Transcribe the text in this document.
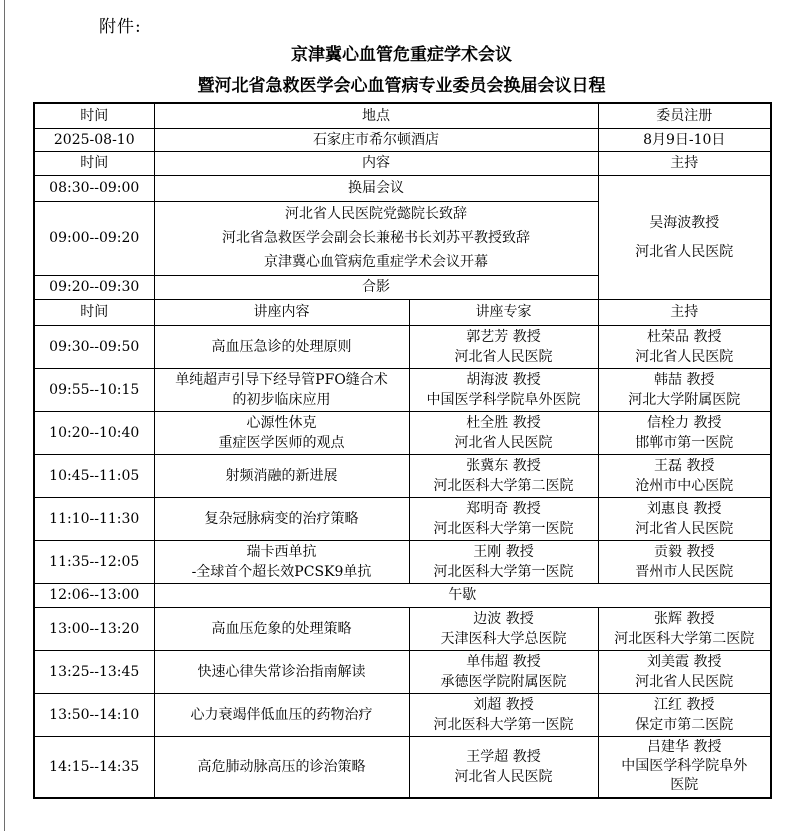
附件:
京津冀心血管危重症学术会议
暨河北省急救医学会心血管病专业委员会换届会议日程
时间	地点		委员注册
2025-08-10	石家庄市希尔顿酒店		8月9日-10日
时间	内容		主持
08:30--09:00	换届会议		吴海波教授
河北省人民医院

09:00--09:20	河北省人民医院党懿院长致辞
河北省急救医学会副会长兼秘书长刘苏平教授致辞
京津冀心血管病危重症学术会议开幕		

09:20--09:30	合影		
时间	讲座内容	讲座专家	主持
09:30--09:50	高血压急诊的处理原则	郭艺芳 教授
河北省人民医院	杜荣品 教授
河北省人民医院

09:55--10:15	单纯超声引导下经导管PFO缝合术
的初步临床应用	胡海波 教授
中国医学科学院阜外医院	韩喆 教授
河北大学附属医院

10:20--10:40	心源性休克
重症医学医师的观点	杜全胜 教授
河北省人民医院	信栓力 教授
邯郸市第一医院

10:45--11:05	射频消融的新进展	张冀东 教授
河北医科大学第二医院	王磊 教授
沧州市中心医院

11:10--11:30	复杂冠脉病变的治疗策略	郑明奇 教授
河北医科大学第一医院	刘惠良 教授
河北省人民医院

11:35--12:05	瑞卡西单抗
-全球首个超长效PCSK9单抗	王刚 教授
河北医科大学第一医院	贡毅 教授
晋州市人民医院

12:06--13:00	午歇		
13:00--13:20	高血压危象的处理策略	边波 教授
天津医科大学总医院	张辉 教授
河北医科大学第二医院

13:25--13:45	快速心律失常诊治指南解读	单伟超 教授
承德医学院附属医院	刘美霞 教授
河北省人民医院

13:50--14:10	心力衰竭伴低血压的药物治疗	刘超 教授
河北医科大学第一医院	江红 教授
保定市第二医院

14:15--14:35	高危肺动脉高压的诊治策略	王学超 教授
河北省人民医院	吕建华 教授
中国医学科学院阜外
医院
